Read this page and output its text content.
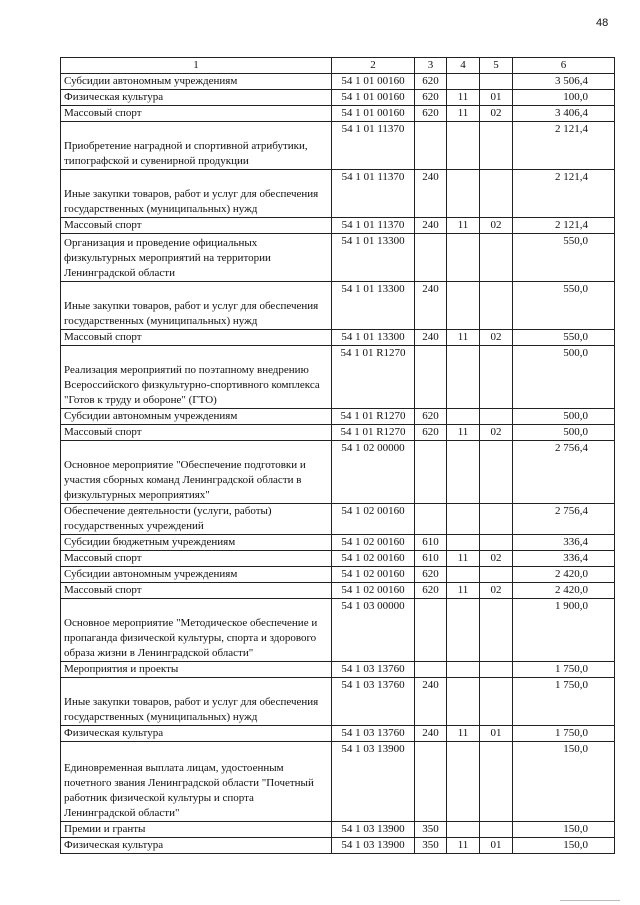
48
1	2	3	4	5	6
Субсидии автономным учреждениям	54 1 01 00160	620			3 506,4
Физическая культура	54 1 01 00160	620	11	01	100,0
Массовый спорт	54 1 01 00160	620	11	02	3 406,4
Приобретение наградной и спортивной атрибутики, типографской и сувенирной продукции	54 1 01 11370				2 121,4
Иные закупки товаров, работ и услуг для обеспечения государственных (муниципальных) нужд	54 1 01 11370	240			2 121,4
Массовый спорт	54 1 01 11370	240	11	02	2 121,4
Организация и проведение официальных физкультурных мероприятий на территории Ленинградской области	54 1 01 13300				550,0
Иные закупки товаров, работ и услуг для обеспечения государственных (муниципальных) нужд	54 1 01 13300	240			550,0
Массовый спорт	54 1 01 13300	240	11	02	550,0
Реализация мероприятий по поэтапному внедрению Всероссийского физкультурно-спортивного комплекса "Готов к труду и обороне" (ГТО)	54 1 01 R1270				500,0
Субсидии автономным учреждениям	54 1 01 R1270	620			500,0
Массовый спорт	54 1 01 R1270	620	11	02	500,0
Основное мероприятие "Обеспечение подготовки и участия сборных команд Ленинградской области в физкультурных мероприятиях"	54 1 02 00000				2 756,4
Обеспечение деятельности (услуги, работы) государственных учреждений	54 1 02 00160				2 756,4
Субсидии бюджетным учреждениям	54 1 02 00160	610			336,4
Массовый спорт	54 1 02 00160	610	11	02	336,4
Субсидии автономным учреждениям	54 1 02 00160	620			2 420,0
Массовый спорт	54 1 02 00160	620	11	02	2 420,0
Основное мероприятие "Методическое обеспечение и пропаганда физической культуры, спорта и здорового образа жизни в Ленинградской области"	54 1 03 00000				1 900,0
Мероприятия и проекты	54 1 03 13760				1 750,0
Иные закупки товаров, работ и услуг для обеспечения государственных (муниципальных) нужд	54 1 03 13760	240			1 750,0
Физическая культура	54 1 03 13760	240	11	01	1 750,0
Единовременная выплата лицам, удостоенным почетного звания Ленинградской области "Почетный работник физической культуры и спорта Ленинградской области"	54 1 03 13900				150,0
Премии и гранты	54 1 03 13900	350			150,0
Физическая культура	54 1 03 13900	350	11	01	150,0
